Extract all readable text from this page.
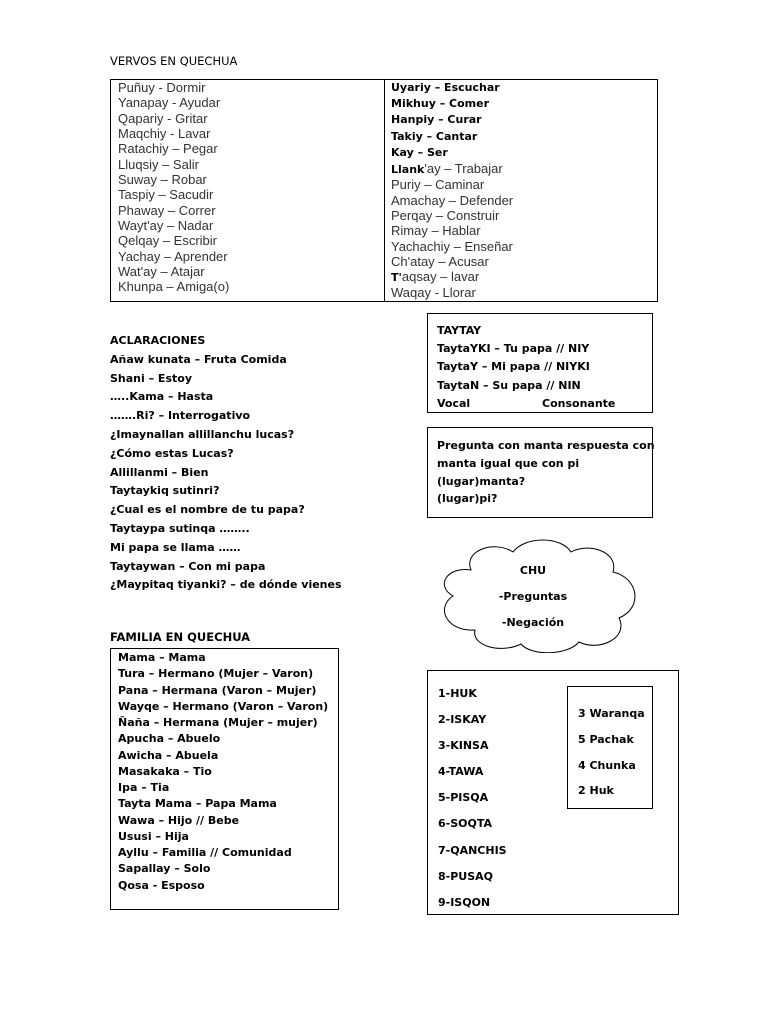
VERVOS EN QUECHUA
Puñuy - Dormir
Yanapay - Ayudar
Qapariy - Gritar
Maqchiy - Lavar
Ratachiy – Pegar
Lluqsiy – Salir
Suway – Robar
Taspiy – Sacudir
Phaway – Correr
Wayt'ay – Nadar
Qelqay – Escribir
Yachay – Aprender
Wat'ay – Atajar
Khunpa – Amiga(o)
Uyariy – Escuchar
Mikhuy – Comer
Hanpiy – Curar
Takiy – Cantar
Kay – Ser
Llank'ay – Trabajar
Puriy – Caminar
Amachay – Defender
Perqay – Construir
Rimay – Hablar
Yachachiy – Enseñar
Ch'atay – Acusar
T'aqsay – lavar
Waqay - Llorar
ACLARACIONES
Añaw kunata – Fruta Comida
Shani – Estoy
…..Kama – Hasta
…….Ri? – Interrogativo
¿Imaynallan allillanchu lucas?
¿Cómo estas Lucas?
Allillanmi – Bien
Taytaykiq sutinri?
¿Cual es el nombre de tu papa?
Taytaypa sutinqa ……..
Mi papa se llama ……
Taytaywan – Con mi papa
¿Maypitaq tiyanki? – de dónde vienes
TAYTAY
TaytaYKI – Tu papa // NIY
TaytaY – Mi papa // NIYKI
TaytaN – Su papa // NIN
Vocal	Consonante
Pregunta con manta respuesta con
manta igual que con pi
(lugar)manta?
(lugar)pi?
CHU
-Preguntas
-Negación
FAMILIA EN QUECHUA
Mama – Mama
Tura – Hermano (Mujer – Varon)
Pana – Hermana (Varon – Mujer)
Wayqe – Hermano (Varon – Varon)
Ñaña – Hermana (Mujer – mujer)
Apucha – Abuelo
Awicha – Abuela
Masakaka – Tio
Ipa – Tia
Tayta Mama – Papa Mama
Wawa – Hijo // Bebe
Ususi – Hija
Ayllu – Familia // Comunidad
Sapallay – Solo
Qosa - Esposo
1-HUK
2-ISKAY
3-KINSA
4-TAWA
5-PISQA
6-SOQTA
7-QANCHIS
8-PUSAQ
9-ISQON
3 Waranqa
5 Pachak
4 Chunka
2 Huk
